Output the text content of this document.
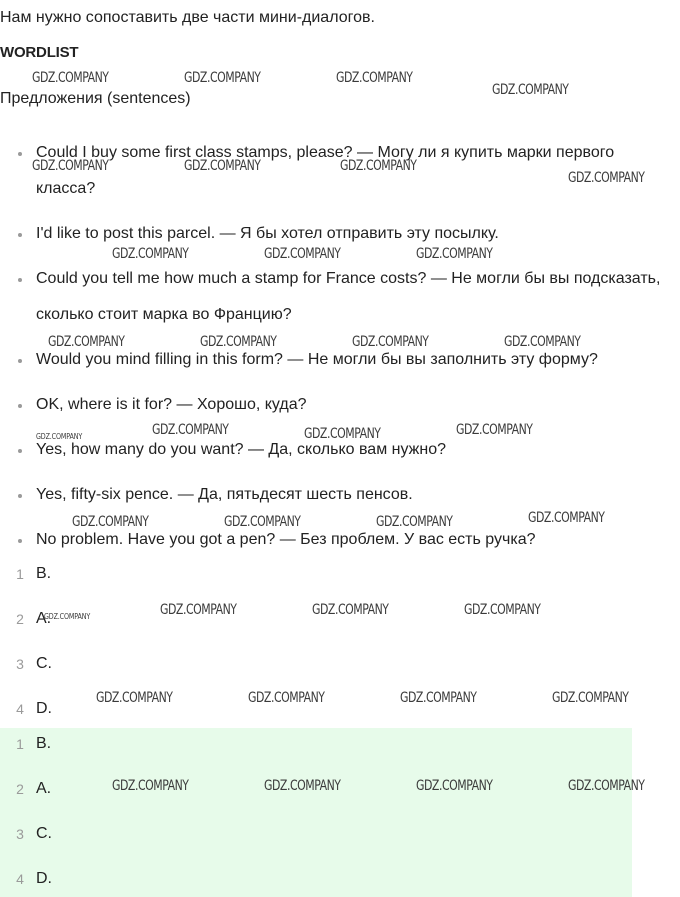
Нам нужно сопоставить две части мини-диалогов.
WORDLIST
Предложения (sentences)
Could I buy some first class stamps, please? — Могу ли я купить марки первого класса?
I'd like to post this parcel. — Я бы хотел отправить эту посылку.
Could you tell me how much a stamp for France costs? — Не могли бы вы подсказать, сколько стоит марка во Францию?
Would you mind filling in this form? — Не могли бы вы заполнить эту форму?
OK, where is it for? — Хорошо, куда?
Yes, how many do you want? — Да, сколько вам нужно?
Yes, fifty-six pence. — Да, пятьдесят шесть пенсов.
No problem. Have you got a pen? — Без проблем. У вас есть ручка?
1 B.
2 A.
3 C.
4 D.
1 B.
2 A.
3 C.
4 D.
GDZ.COMPANY	GDZ.COMPANY	GDZ.COMPANY
GDZ.COMPANY
GDZ.COMPANY	GDZ.COMPANY	GDZ.COMPANY
GDZ.COMPANY
GDZ.COMPANY	GDZ.COMPANY	GDZ.COMPANY
GDZ.COMPANY	GDZ.COMPANY	GDZ.COMPANY	GDZ.COMPANY
GDZ.COMPANY	GDZ.COMPANY	GDZ.COMPANY	GDZ.COMPANY
GDZ.COMPANY	GDZ.COMPANY	GDZ.COMPANY	GDZ.COMPANY
GDZ.COMPANY	GDZ.COMPANY	GDZ.COMPANY	GDZ.COMPANY
GDZ.COMPANY	GDZ.COMPANY	GDZ.COMPANY	GDZ.COMPANY
GDZ.COMPANY	GDZ.COMPANY	GDZ.COMPANY	GDZ.COMPANY
